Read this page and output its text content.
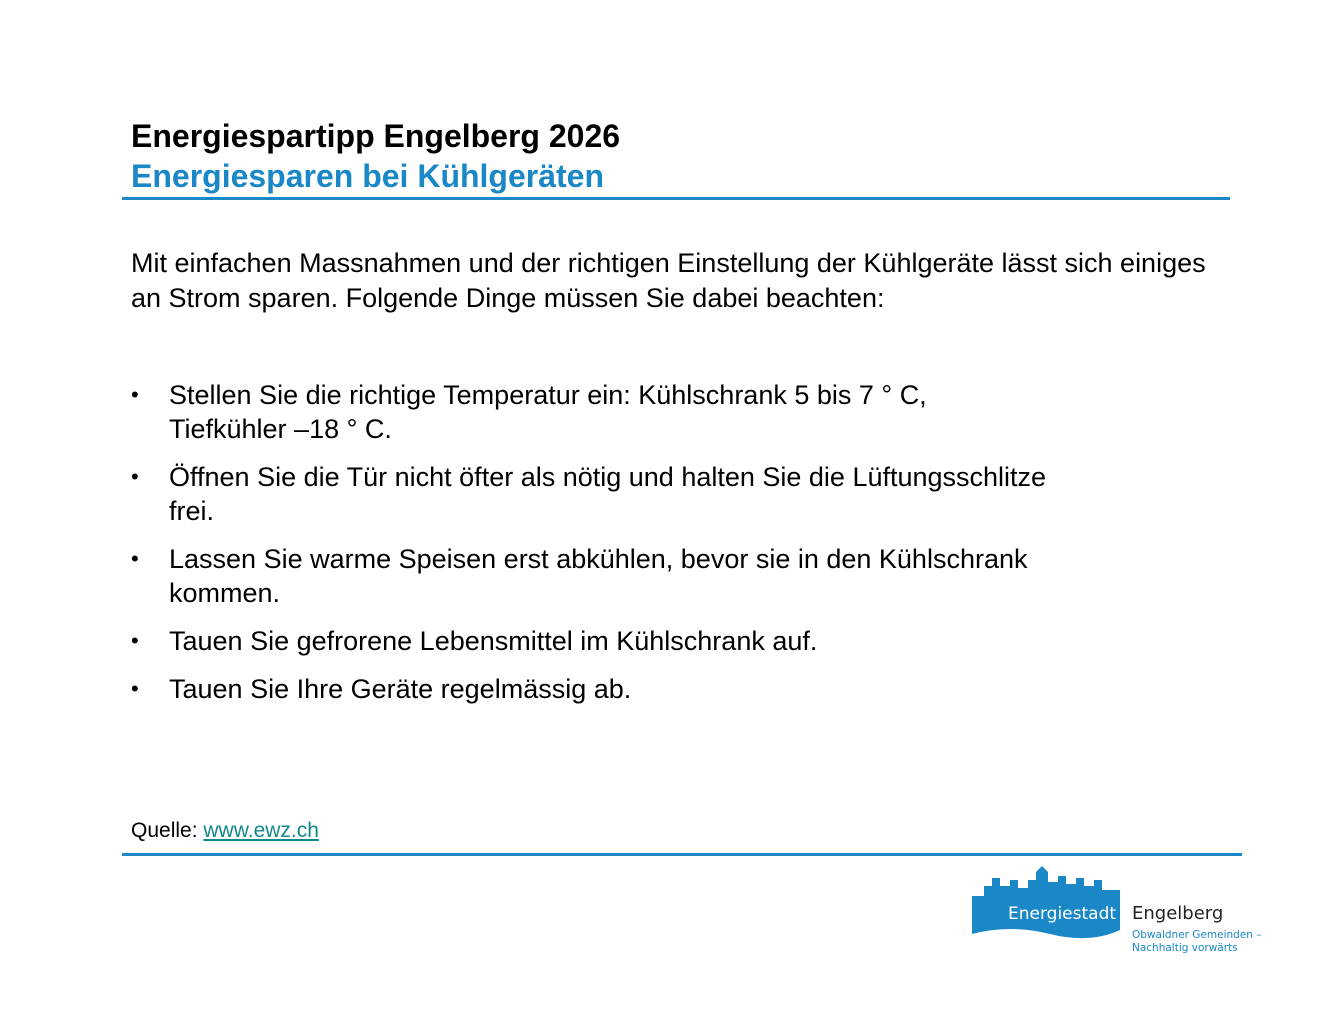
Energiespartipp Engelberg 2026
Energiesparen bei Kühlgeräten

Mit einfachen Massnahmen und der richtigen Einstellung der Kühlgeräte lässt sich einiges an Strom sparen. Folgende Dinge müssen Sie dabei beachten:

• Stellen Sie die richtige Temperatur ein: Kühlschrank 5 bis 7 ° C,
Tiefkühler –18 ° C.
• Öffnen Sie die Tür nicht öfter als nötig und halten Sie die Lüftungsschlitze
frei.
• Lassen Sie warme Speisen erst abkühlen, bevor sie in den Kühlschrank
kommen.
• Tauen Sie gefrorene Lebensmittel im Kühlschrank auf.
• Tauen Sie Ihre Geräte regelmässig ab.
Quelle: www.ewz.ch
Energiestadt Engelberg
Obwaldner Gemeinden –
Nachhaltig vorwärts
